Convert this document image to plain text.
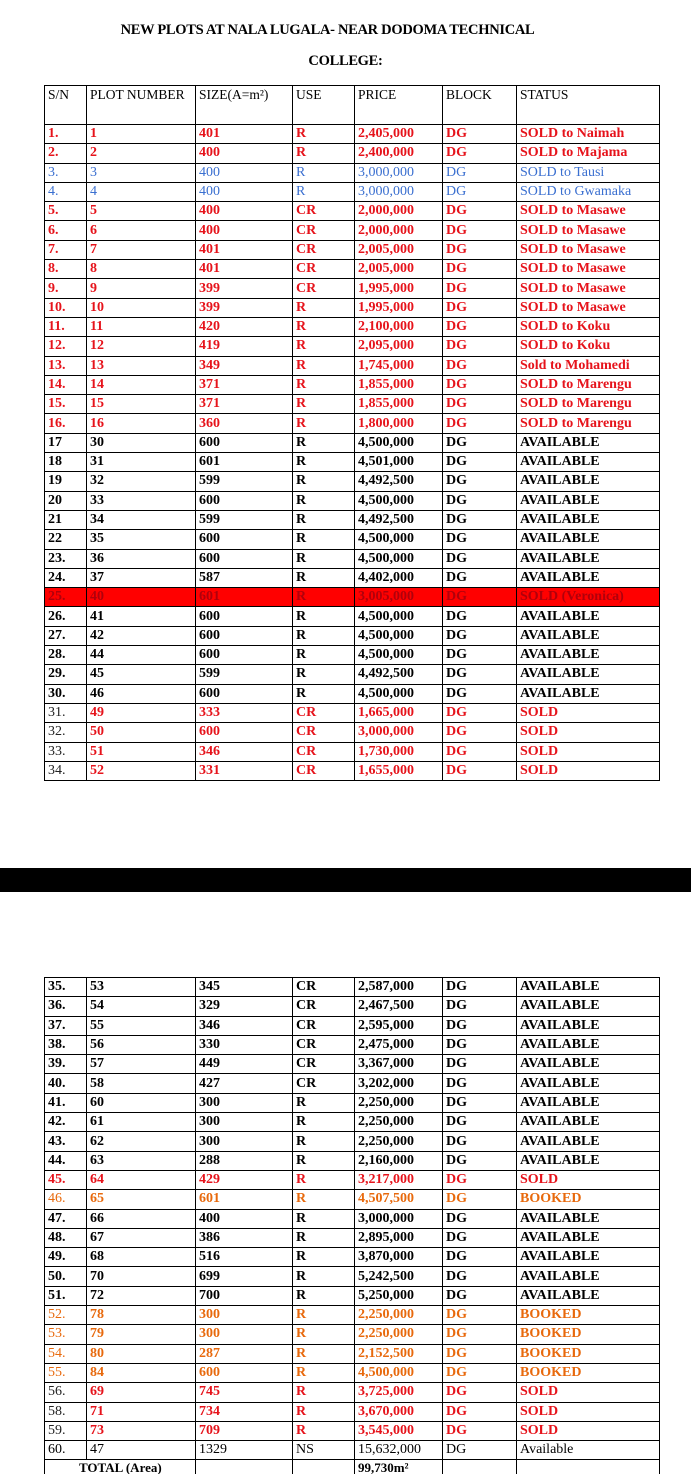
NEW PLOTS AT NALA LUGALA- NEAR DODOMA TECHNICAL
COLLEGE:
S/N	PLOT NUMBER	SIZE(A=m²)	USE	PRICE	BLOCK	STATUS
1.	1	401	R	2,405,000	DG	SOLD to Naimah
2.	2	400	R	2,400,000	DG	SOLD to Majama
3.	3	400	R	3,000,000	DG	SOLD to Tausi
4.	4	400	R	3,000,000	DG	SOLD to Gwamaka
5.	5	400	CR	2,000,000	DG	SOLD to Masawe
6.	6	400	CR	2,000,000	DG	SOLD to Masawe
7.	7	401	CR	2,005,000	DG	SOLD to Masawe
8.	8	401	CR	2,005,000	DG	SOLD to Masawe
9.	9	399	CR	1,995,000	DG	SOLD to Masawe
10.	10	399	R	1,995,000	DG	SOLD to Masawe
11.	11	420	R	2,100,000	DG	SOLD to Koku
12.	12	419	R	2,095,000	DG	SOLD to Koku
13.	13	349	R	1,745,000	DG	Sold to Mohamedi
14.	14	371	R	1,855,000	DG	SOLD to Marengu
15.	15	371	R	1,855,000	DG	SOLD to Marengu
16.	16	360	R	1,800,000	DG	SOLD to Marengu
17	30	600	R	4,500,000	DG	AVAILABLE
18	31	601	R	4,501,000	DG	AVAILABLE
19	32	599	R	4,492,500	DG	AVAILABLE
20	33	600	R	4,500,000	DG	AVAILABLE
21	34	599	R	4,492,500	DG	AVAILABLE
22	35	600	R	4,500,000	DG	AVAILABLE
23.	36	600	R	4,500,000	DG	AVAILABLE
24.	37	587	R	4,402,000	DG	AVAILABLE
25.	40	601	R	3,005,000	DG	SOLD (Veronica)
26.	41	600	R	4,500,000	DG	AVAILABLE
27.	42	600	R	4,500,000	DG	AVAILABLE
28.	44	600	R	4,500,000	DG	AVAILABLE
29.	45	599	R	4,492,500	DG	AVAILABLE
30.	46	600	R	4,500,000	DG	AVAILABLE
31.	49	333	CR	1,665,000	DG	SOLD
32.	50	600	CR	3,000,000	DG	SOLD
33.	51	346	CR	1,730,000	DG	SOLD
34.	52	331	CR	1,655,000	DG	SOLD
35.	53	345	CR	2,587,000	DG	AVAILABLE
36.	54	329	CR	2,467,500	DG	AVAILABLE
37.	55	346	CR	2,595,000	DG	AVAILABLE
38.	56	330	CR	2,475,000	DG	AVAILABLE
39.	57	449	CR	3,367,000	DG	AVAILABLE
40.	58	427	CR	3,202,000	DG	AVAILABLE
41.	60	300	R	2,250,000	DG	AVAILABLE
42.	61	300	R	2,250,000	DG	AVAILABLE
43.	62	300	R	2,250,000	DG	AVAILABLE
44.	63	288	R	2,160,000	DG	AVAILABLE
45.	64	429	R	3,217,000	DG	SOLD
46.	65	601	R	4,507,500	DG	BOOKED
47.	66	400	R	3,000,000	DG	AVAILABLE
48.	67	386	R	2,895,000	DG	AVAILABLE
49.	68	516	R	3,870,000	DG	AVAILABLE
50.	70	699	R	5,242,500	DG	AVAILABLE
51.	72	700	R	5,250,000	DG	AVAILABLE
52.	78	300	R	2,250,000	DG	BOOKED
53.	79	300	R	2,250,000	DG	BOOKED
54.	80	287	R	2,152,500	DG	BOOKED
55.	84	600	R	4,500,000	DG	BOOKED
56.	69	745	R	3,725,000	DG	SOLD
58.	71	734	R	3,670,000	DG	SOLD
59.	73	709	R	3,545,000	DG	SOLD
60.	47	1329	NS	15,632,000	DG	Available
TOTAL (Area)				99,730m²		
